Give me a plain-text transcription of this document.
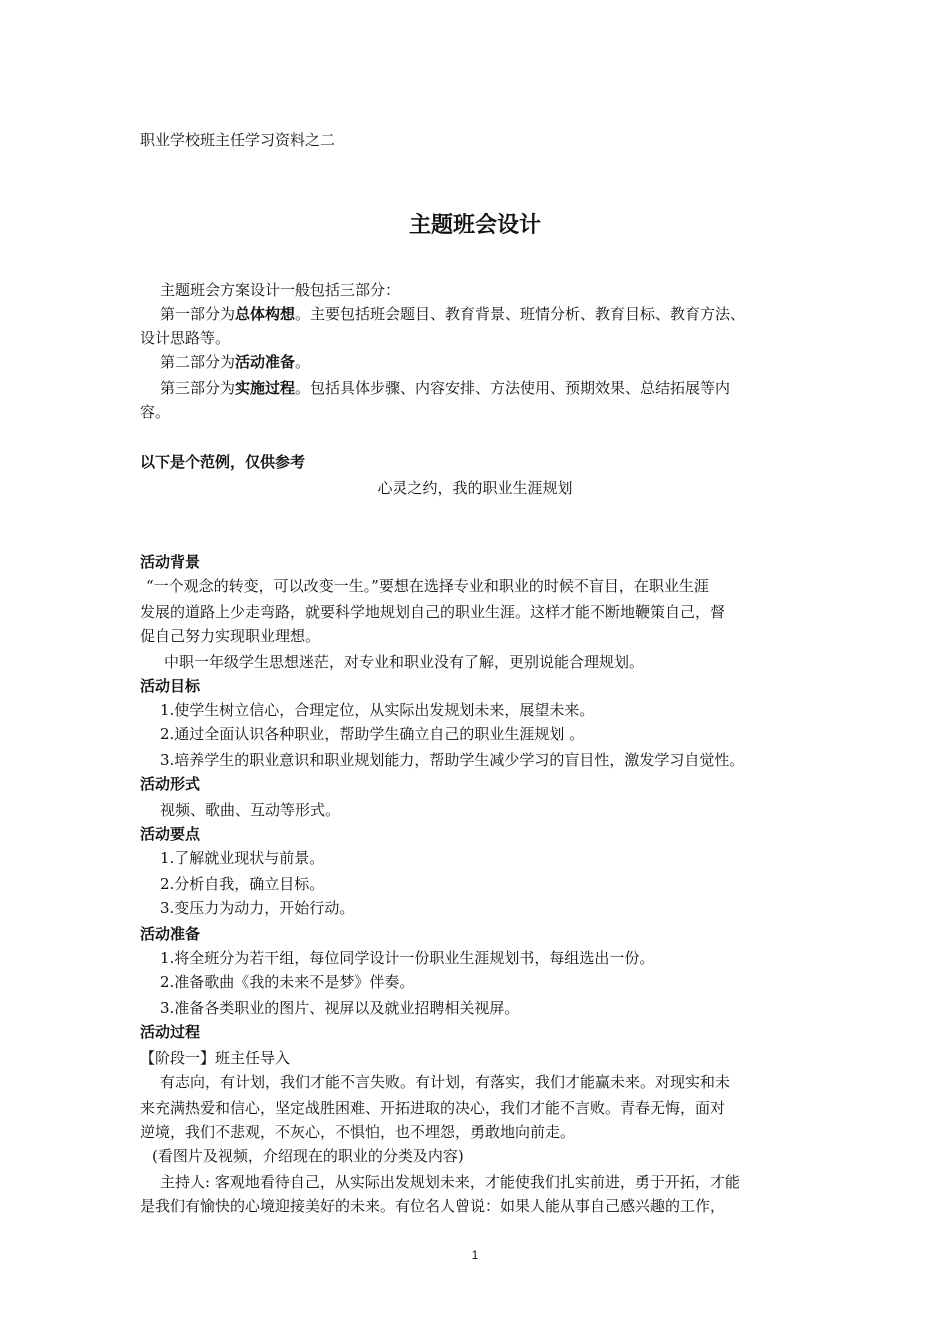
职业学校班主任学习资料之二
主题班会设计
主题班会方案设计一般包括三部分：
第一部分为总体构想。主要包括班会题目、教育背景、班情分析、教育目标、教育方法、
设计思路等。
第二部分为活动准备。
第三部分为实施过程。包括具体步骤、内容安排、方法使用、预期效果、总结拓展等内
容。
以下是个范例，仅供参考
心灵之约，我的职业生涯规划
活动背景
“一个观念的转变，可以改变一生。”要想在选择专业和职业的时候不盲目，在职业生涯
发展的道路上少走弯路，就要科学地规划自己的职业生涯。这样才能不断地鞭策自己，督
促自己努力实现职业理想。
中职一年级学生思想迷茫，对专业和职业没有了解，更别说能合理规划。
活动目标
1.使学生树立信心，合理定位，从实际出发规划未来，展望未来。
2.通过全面认识各种职业，帮助学生确立自己的职业生涯规划 。
3.培养学生的职业意识和职业规划能力，帮助学生减少学习的盲目性，激发学习自觉性。
活动形式
视频、歌曲、互动等形式。
活动要点
1.了解就业现状与前景。
2.分析自我，确立目标。
3.变压力为动力，开始行动。
活动准备
1.将全班分为若干组，每位同学设计一份职业生涯规划书，每组选出一份。
2.准备歌曲《我的未来不是梦》伴奏。
3.准备各类职业的图片、视屏以及就业招聘相关视屏。
活动过程
【阶段一】班主任导入
有志向，有计划，我们才能不言失败。有计划，有落实，我们才能赢未来。对现实和未
来充满热爱和信心，坚定战胜困难、开拓进取的决心，我们才能不言败。青春无悔，面对
逆境，我们不悲观，不灰心，不惧怕，也不埋怨，勇敢地向前走。
(看图片及视频，介绍现在的职业的分类及内容)
主持人: 客观地看待自己，从实际出发规划未来，才能使我们扎实前进，勇于开拓，才能
是我们有愉快的心境迎接美好的未来。有位名人曾说：如果人能从事自己感兴趣的工作，
1
